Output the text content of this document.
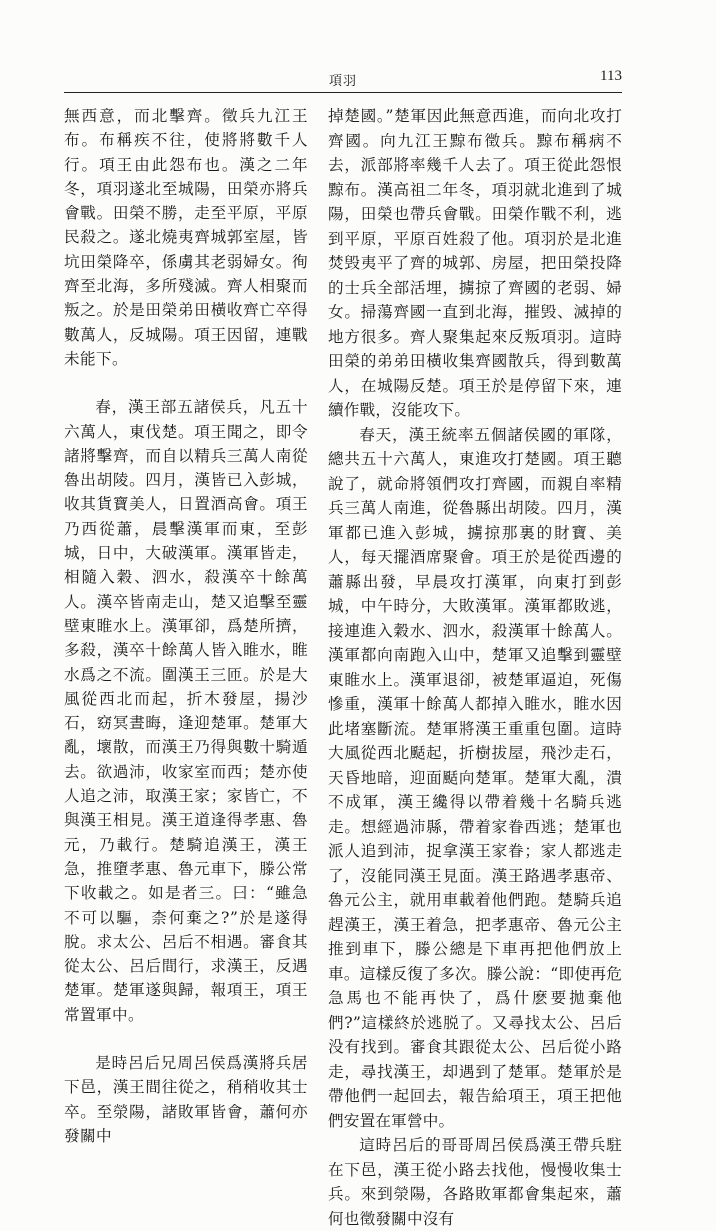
項羽	113

無西意，而北擊齊。徵兵九江王布。布稱疾不往，使將將數千人行。項王由此怨布也。漢之二年冬，項羽遂北至城陽，田榮亦將兵會戰。田榮不勝，走至平原，平原民殺之。遂北燒夷齊城郭室屋，皆坑田榮降卒，係虜其老弱婦女。徇齊至北海，多所殘滅。齊人相聚而叛之。於是田榮弟田橫收齊亡卒得數萬人，反城陽。項王因留，連戰未能下。

春，漢王部五諸侯兵，凡五十六萬人，東伐楚。項王聞之，即令諸將擊齊，而自以精兵三萬人南從魯出胡陵。四月，漢皆已入彭城，收其貨寶美人，日置酒高會。項王乃西從蕭，晨擊漢軍而東，至彭城，日中，大破漢軍。漢軍皆走，相隨入穀、泗水，殺漢卒十餘萬人。漢卒皆南走山，楚又追擊至靈壁東睢水上。漢軍卻，爲楚所擠，多殺，漢卒十餘萬人皆入睢水，睢水爲之不流。圍漢王三匝。於是大風從西北而起，折木發屋，揚沙石，窈冥晝晦，逢迎楚軍。楚軍大亂，壞散，而漢王乃得與數十騎遁去。欲過沛，收家室而西；楚亦使人追之沛，取漢王家；家皆亡，不與漢王相見。漢王道逢得孝惠、魯元，乃載行。楚騎追漢王，漢王急，推墮孝惠、魯元車下，滕公常下收載之。如是者三。曰：“雖急不可以驅，柰何棄之?”於是遂得脫。求太公、呂后不相遇。審食其從太公、呂后間行，求漢王，反遇楚軍。楚軍遂與歸，報項王，項王常置軍中。

是時呂后兄周呂侯爲漢將兵居下邑，漢王間往從之，稍稍收其士卒。至滎陽，諸敗軍皆會，蕭何亦發關中

掉楚國。”楚軍因此無意西進，而向北攻打齊國。向九江王黥布徵兵。黥布稱病不去，派部將率幾千人去了。項王從此怨恨黥布。漢高祖二年冬，項羽就北進到了城陽，田榮也帶兵會戰。田榮作戰不利，逃到平原，平原百姓殺了他。項羽於是北進焚毁夷平了齊的城郭、房屋，把田榮投降的士兵全部活埋，擄掠了齊國的老弱、婦女。掃蕩齊國一直到北海，摧毁、滅掉的地方很多。齊人聚集起來反叛項羽。這時田榮的弟弟田橫收集齊國散兵，得到數萬人，在城陽反楚。項王於是停留下來，連續作戰，沒能攻下。

春天，漢王統率五個諸侯國的軍隊，總共五十六萬人，東進攻打楚國。項王聽說了，就命將領們攻打齊國，而親自率精兵三萬人南進，從魯縣出胡陵。四月，漢軍都已進入彭城，擄掠那裏的財寶、美人，每天擺酒席聚會。項王於是從西邊的蕭縣出發，早晨攻打漢軍，向東打到彭城，中午時分，大敗漢軍。漢軍都敗逃，接連進入穀水、泗水，殺漢軍十餘萬人。漢軍都向南跑入山中，楚軍又追擊到靈壁東睢水上。漢軍退卻，被楚軍逼迫，死傷慘重，漢軍十餘萬人都掉入睢水，睢水因此堵塞斷流。楚軍將漢王重重包圍。這時大風從西北颳起，折樹拔屋，飛沙走石，天昏地暗，迎面颳向楚軍。楚軍大亂，潰不成軍，漢王纔得以帶着幾十名騎兵逃走。想經過沛縣，帶着家眷西逃；楚軍也派人追到沛，捉拿漢王家眷；家人都逃走了，沒能同漢王見面。漢王路遇孝惠帝、魯元公主，就用車載着他們跑。楚騎兵追趕漢王，漢王着急，把孝惠帝、魯元公主推到車下，滕公總是下車再把他們放上車。這樣反復了多次。滕公說：“即使再危急馬也不能再快了，爲什麽要拋棄他們?”這樣終於逃脱了。又尋找太公、呂后没有找到。審食其跟從太公、呂后從小路走，尋找漢王，却遇到了楚軍。楚軍於是帶他們一起回去，報告給項王，項王把他們安置在軍營中。

這時呂后的哥哥周呂侯爲漢王帶兵駐在下邑，漢王從小路去找他，慢慢收集士兵。來到滎陽，各路敗軍都會集起來，蕭何也徵發關中沒有
